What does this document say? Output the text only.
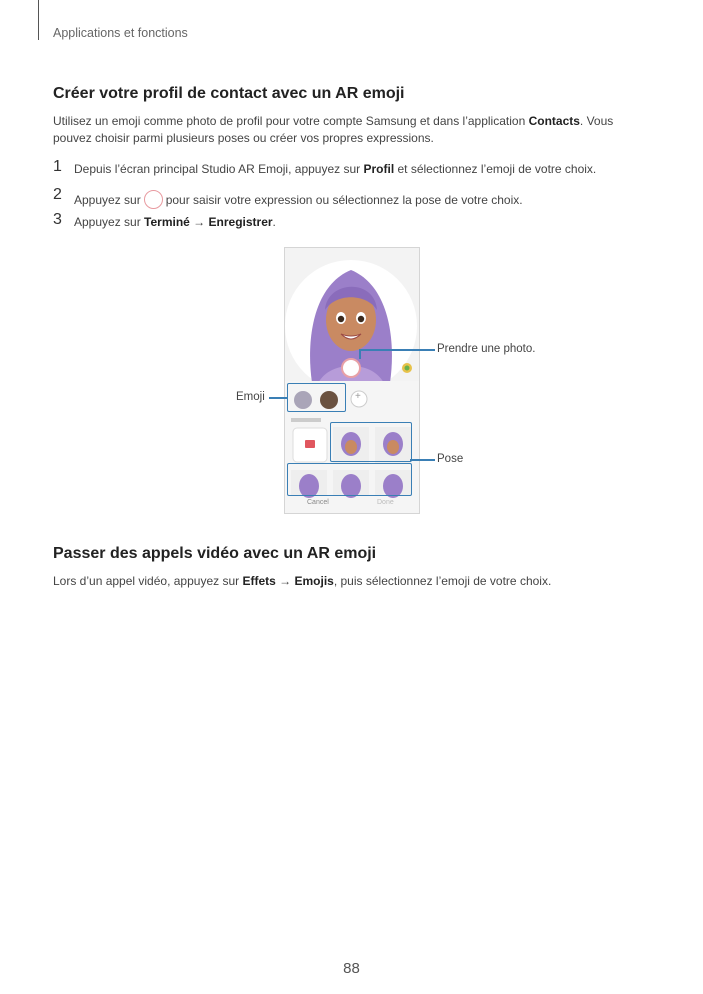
Applications et fonctions
Créer votre profil de contact avec un AR emoji
Utilisez un emoji comme photo de profil pour votre compte Samsung et dans l’application Contacts. Vous pouvez choisir parmi plusieurs poses ou créer vos propres expressions.
1 Depuis l’écran principal Studio AR Emoji, appuyez sur Profil et sélectionnez l’emoji de votre choix.
2 Appuyez sur pour saisir votre expression ou sélectionnez la pose de votre choix.
3 Appuyez sur Terminé → Enregistrer.
+
Cancel	Done
Prendre une photo.
Emoji
Pose
Passer des appels vidéo avec un AR emoji
Lors d’un appel vidéo, appuyez sur Effets → Emojis, puis sélectionnez l’emoji de votre choix.
88
